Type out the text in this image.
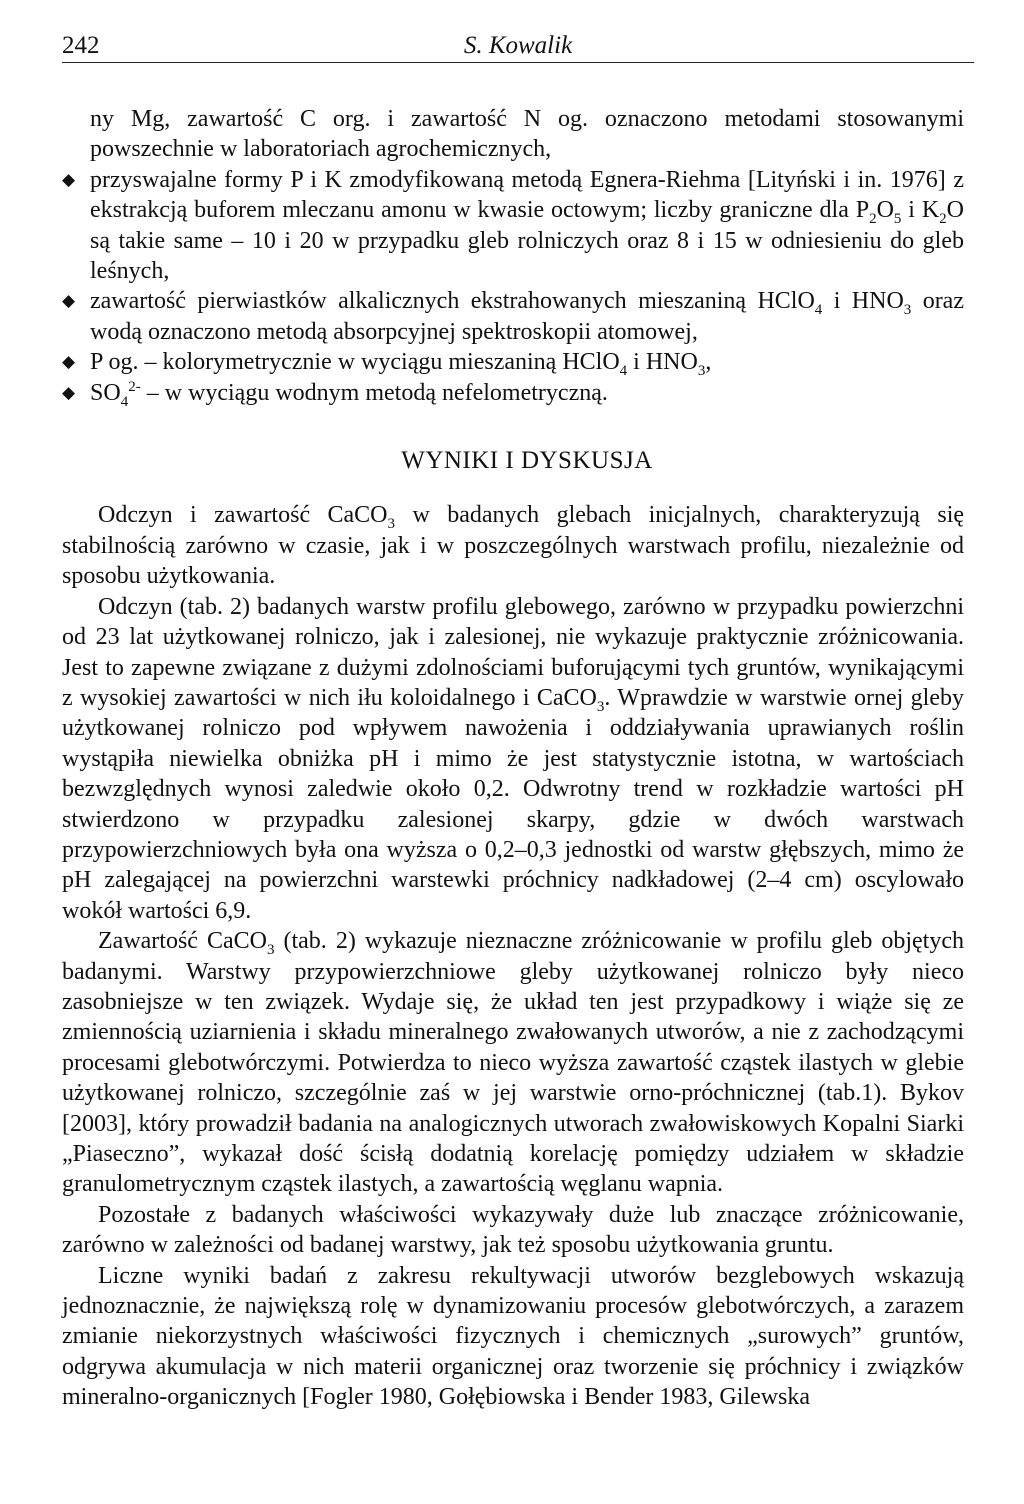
242	S. Kowalik

ny Mg, zawartość C org. i zawartość N og. oznaczono metodami stosowanymi powszechnie w laboratoriach agrochemicznych,

◆ przyswajalne formy P i K zmodyfikowaną metodą Egnera-Riehma [Lityński i in. 1976] z ekstrakcją buforem mleczanu amonu w kwasie octowym; liczby graniczne dla $P_2O_5$ i $K_2O$ są takie same – 10 i 20 w przypadku gleb rolniczych oraz 8 i 15 w odniesieniu do gleb leśnych,
◆ zawartość pierwiastków alkalicznych ekstrahowanych mieszaniną HClO$_4$ i $HNO_3$ oraz wodą oznaczono metodą absorpcyjnej spektroskopii atomowej,
◆ P og. – kolorymetrycznie w wyciągu mieszaniną HClO$_4$ i $HNO_3$,
◆ $SO_4^{2-}$ – w wyciągu wodnym metodą nefelometryczną.
WYNIKI I DYSKUSJA

Odczyn i zawartość CaCO$_3$ w badanych glebach inicjalnych, charakteryzują się stabilnością zarówno w czasie, jak i w poszczególnych warstwach profilu, niezależnie od sposobu użytkowania.

Odczyn (tab. 2) badanych warstw profilu glebowego, zarówno w przypadku powierzchni od 23 lat użytkowanej rolniczo, jak i zalesionej, nie wykazuje praktycznie zróżnicowania. Jest to zapewne związane z dużymi zdolnościami buforującymi tych gruntów, wynikającymi z wysokiej zawartości w nich iłu koloidalnego i CaCO$_3$. Wprawdzie w warstwie ornej gleby użytkowanej rolniczo pod wpływem nawożenia i oddziaływania uprawianych roślin wystąpiła niewielka obniżka pH i mimo że jest statystycznie istotna, w wartościach bezwzględnych wynosi zaledwie około 0,2. Odwrotny trend w rozkładzie wartości pH stwierdzono w przypadku zalesionej skarpy, gdzie w dwóch warstwach przypowierzchniowych była ona wyższa o 0,2–0,3 jednostki od warstw głębszych, mimo że pH zalegającej na powierzchni warstewki próchnicy nadkładowej (2–4 cm) oscylowało wokół wartości 6,9.

Zawartość CaCO$_3$ (tab. 2) wykazuje nieznaczne zróżnicowanie w profilu gleb objętych badanymi. Warstwy przypowierzchniowe gleby użytkowanej rolniczo były nieco zasobniejsze w ten związek. Wydaje się, że układ ten jest przypadkowy i wiąże się ze zmiennością uziarnienia i składu mineralnego zwałowanych utworów, a nie z zachodzącymi procesami glebotwórczymi. Potwierdza to nieco wyższa zawartość cząstek ilastych w glebie użytkowanej rolniczo, szczególnie zaś w jej warstwie orno-próchnicznej (tab.1). Bykov [2003], który prowadził badania na analogicznych utworach zwałowiskowych Kopalni Siarki „Piaseczno”, wykazał dość ścisłą dodatnią korelację pomiędzy udziałem w składzie granulometrycznym cząstek ilastych, a zawartością węglanu wapnia.

Pozostałe z badanych właściwości wykazywały duże lub znaczące zróżnicowanie, zarówno w zależności od badanej warstwy, jak też sposobu użytkowania gruntu.

Liczne wyniki badań z zakresu rekultywacji utworów bezglebowych wskazują jednoznacznie, że największą rolę w dynamizowaniu procesów glebotwórczych, a zarazem zmianie niekorzystnych właściwości fizycznych i chemicznych „surowych” gruntów, odgrywa akumulacja w nich materii organicznej oraz tworzenie się próchnicy i związków mineralno-organicznych [Fogler 1980, Gołębiowska i Bender 1983, Gilewska
